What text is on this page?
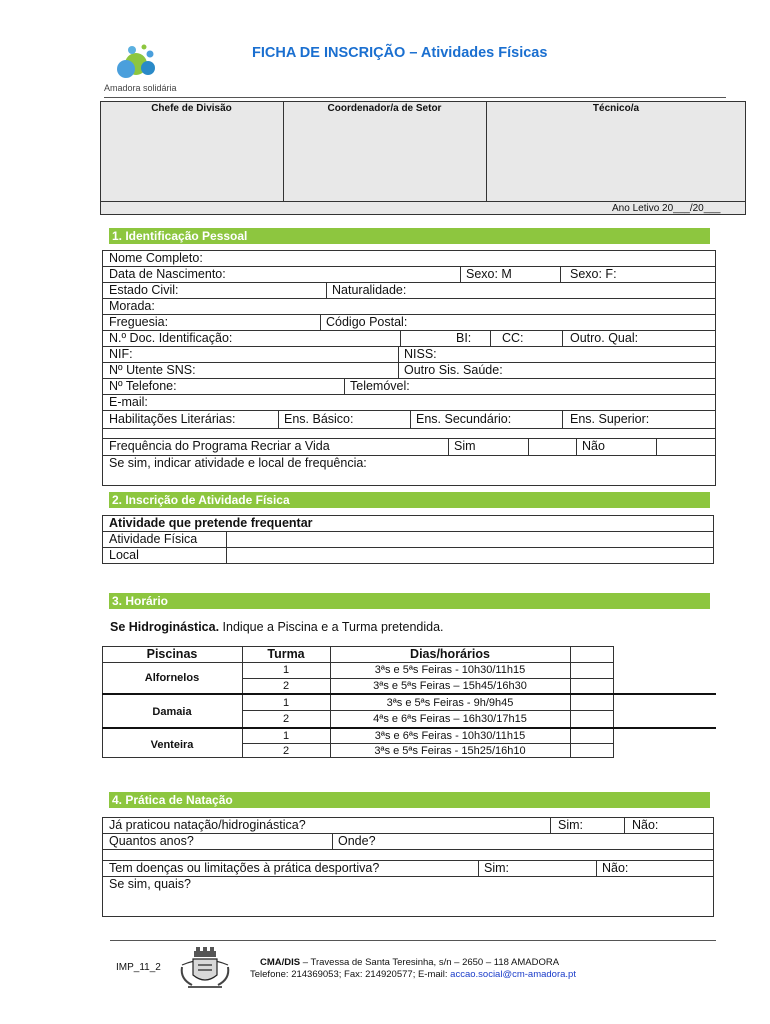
Amadora solidária
FICHA DE INSCRIÇÃO – Atividades Físicas
Chefe de Divisão	Coordenador/a de Setor	Técnico/a
Ano Letivo 20___/20___
1. Identificação Pessoal
Nome Completo:
Data de Nascimento:	Sexo: M	Sexo: F:
Estado Civil:	Naturalidade:
Morada:
Freguesia:	Código Postal:
N.º Doc. Identificação:	BI: CC:	Outro. Qual:
NIF:	NISS:
Nº Utente SNS:	Outro Sis. Saúde:
Nº Telefone:	Telemóvel:
E-mail:
Habilitações Literárias:	Ens. Básico:	Ens. Secundário:	Ens. Superior:
Frequência do Programa Recriar a Vida	Sim	Não
Se sim, indicar atividade e local de frequência:
2. Inscrição de Atividade Física
Atividade que pretende frequentar
Atividade Física
Local
3. Horário
Se Hidroginástica. Indique a Piscina e a Turma pretendida.
Piscinas	Turma	Dias/horários
Alfornelos
1	3ªs e 5ªs Feiras - 10h30/11h15
2	3ªs e 5ªs Feiras – 15h45/16h30
Damaia
1	3ªs e 5ªs Feiras - 9h/9h45
2	4ªs e 6ªs Feiras – 16h30/17h15
Venteira
1	3ªs e 6ªs Feiras - 10h30/11h15
2	3ªs e 5ªs Feiras - 15h25/16h10
4. Prática de Natação
Já praticou natação/hidroginástica?	Sim:	Não:
Quantos anos?	Onde?
Tem doenças ou limitações à prática desportiva?	Sim:	Não:
Se sim, quais?
IMP_11_2	CMA/DIS – Travessa de Santa Teresinha, s/n – 2650 – 118 AMADORA
Telefone: 214369053; Fax: 214920577; E-mail: accao.social@cm-amadora.pt
